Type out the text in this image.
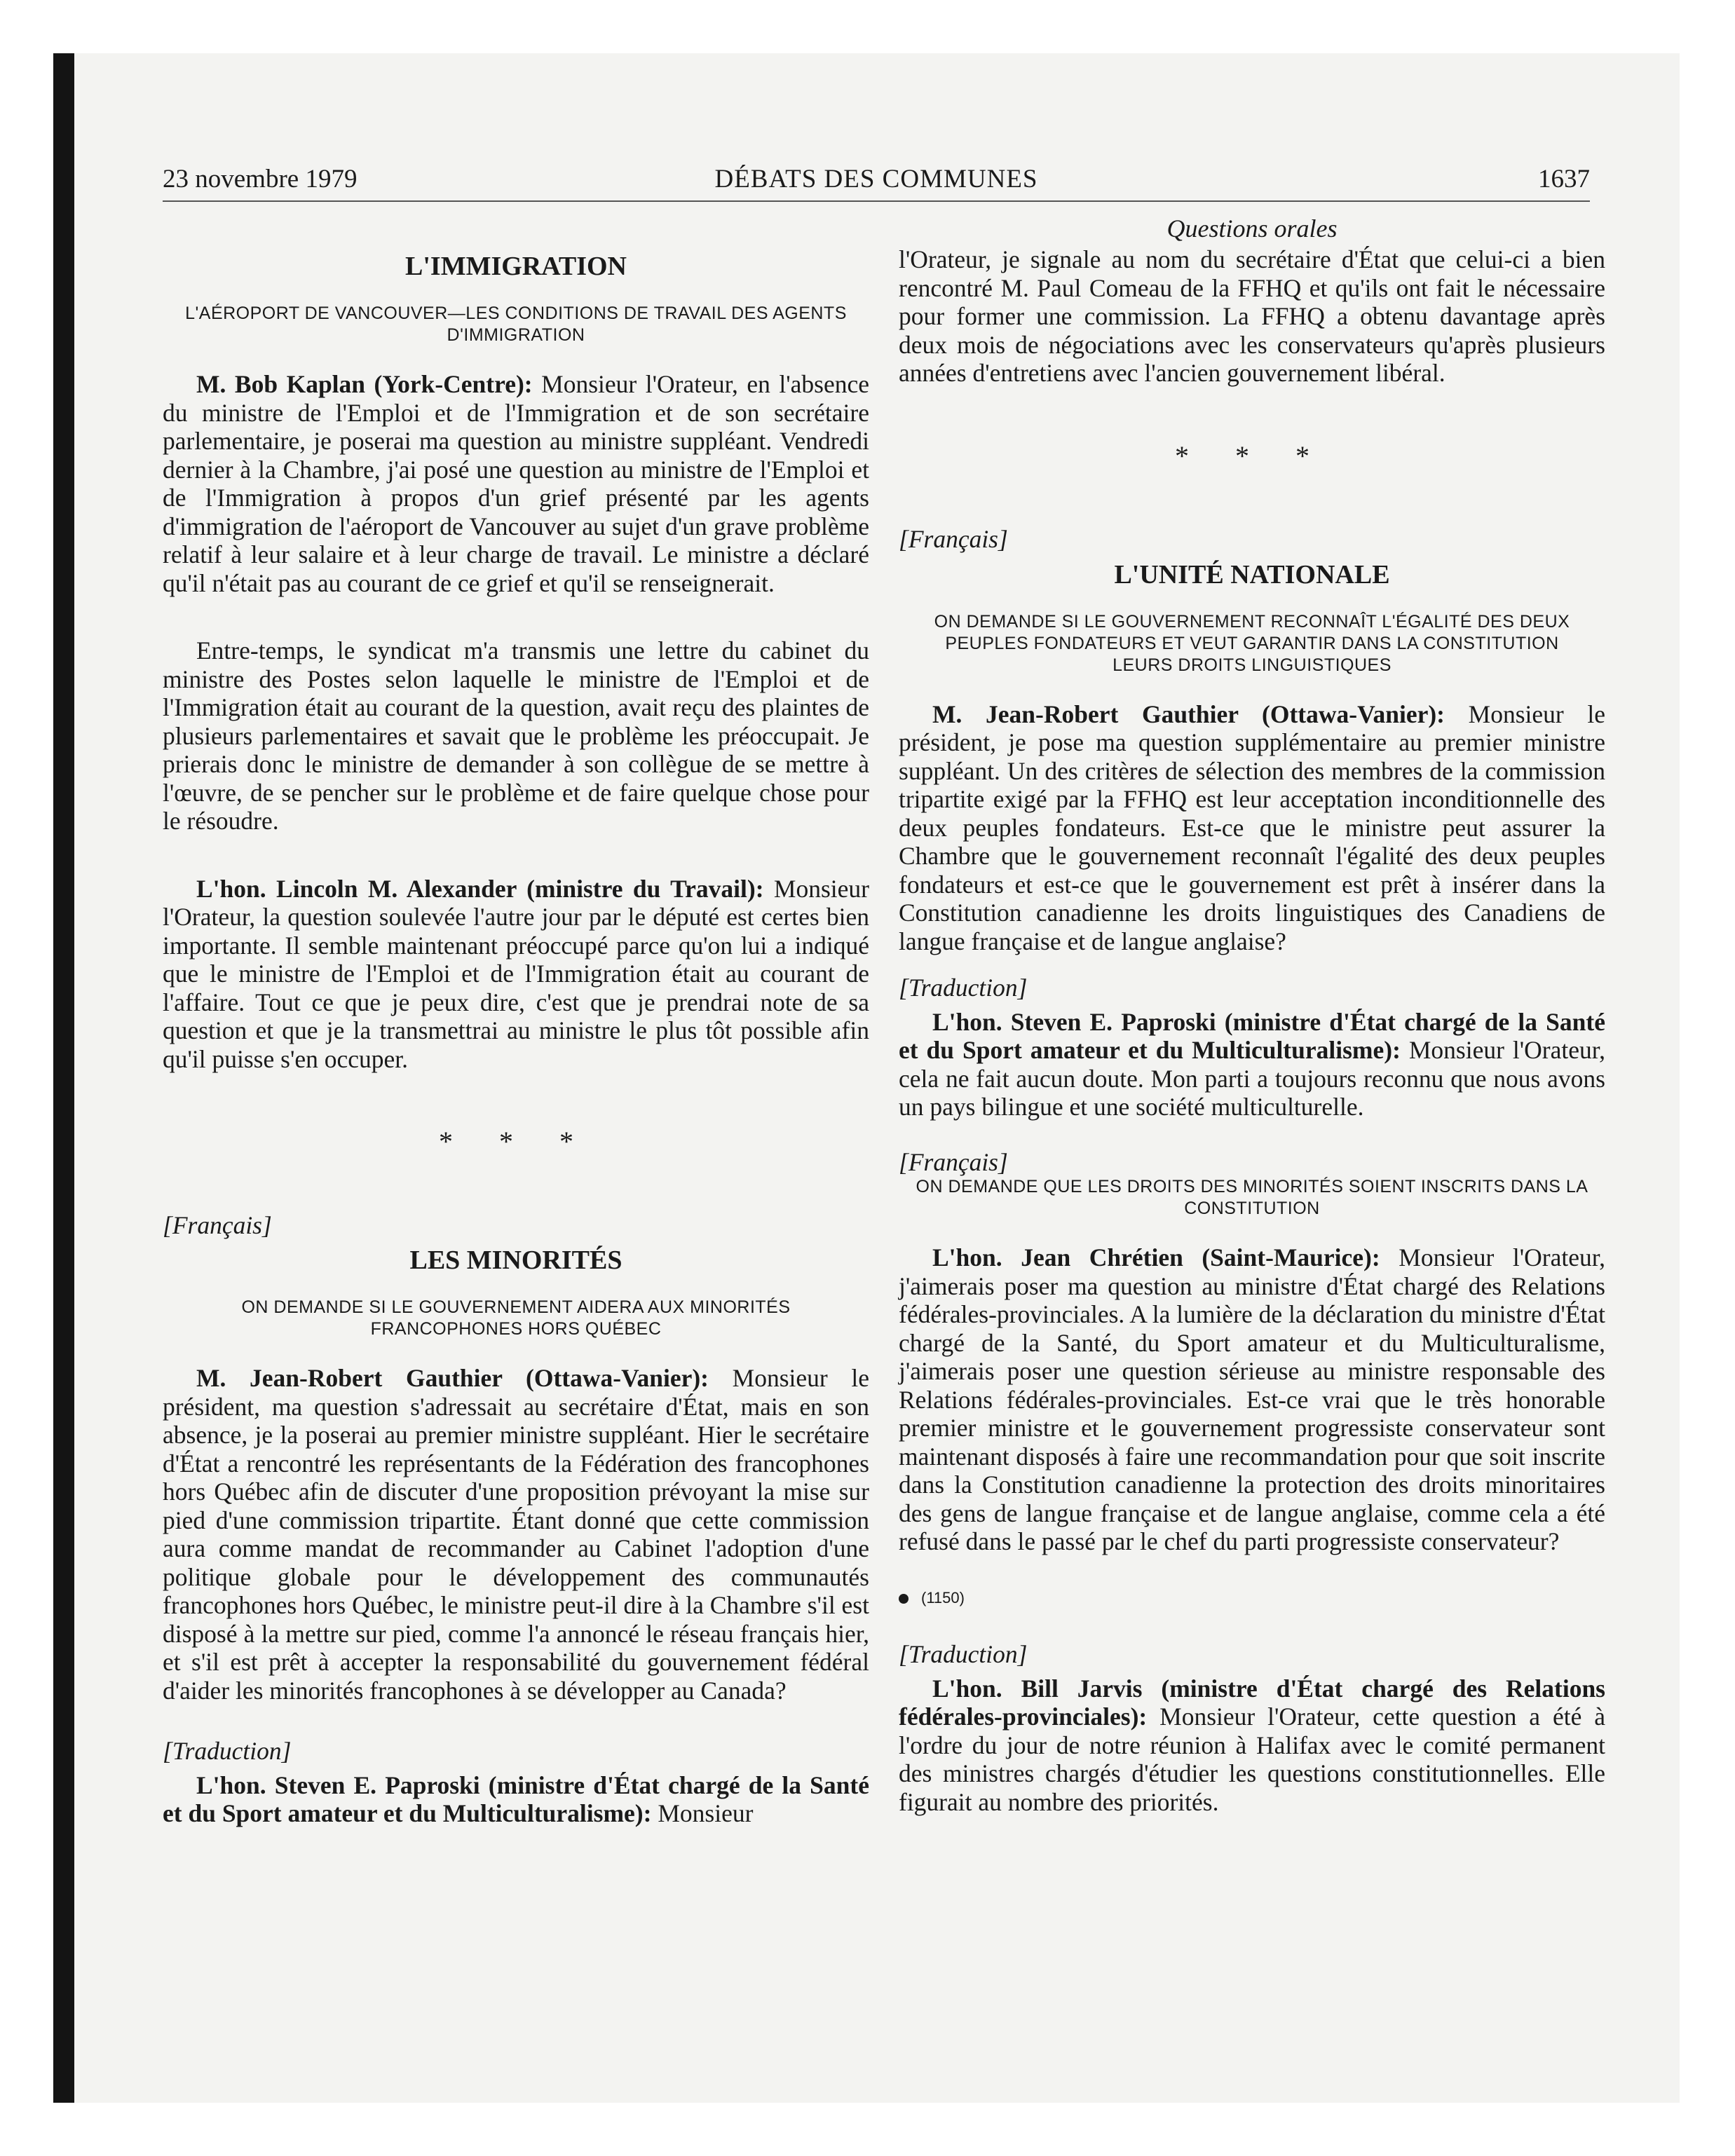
23 novembre 1979	DÉBATS DES COMMUNES	1637
L'IMMIGRATION
L'AÉROPORT DE VANCOUVER—LES CONDITIONS DE TRAVAIL DES AGENTS D'IMMIGRATION

M. Bob Kaplan (York-Centre): Monsieur l'Orateur, en l'absence du ministre de l'Emploi et de l'Immigration et de son secrétaire parlementaire, je poserai ma question au ministre suppléant. Vendredi dernier à la Chambre, j'ai posé une question au ministre de l'Emploi et de l'Immigration à propos d'un grief présenté par les agents d'immigration de l'aéroport de Vancouver au sujet d'un grave problème relatif à leur salaire et à leur charge de travail. Le ministre a déclaré qu'il n'était pas au courant de ce grief et qu'il se renseignerait.

Entre-temps, le syndicat m'a transmis une lettre du cabinet du ministre des Postes selon laquelle le ministre de l'Emploi et de l'Immigration était au courant de la question, avait reçu des plaintes de plusieurs parlementaires et savait que le problème les préoccupait. Je prierais donc le ministre de demander à son collègue de se mettre à l'œuvre, de se pencher sur le problème et de faire quelque chose pour le résoudre.

L'hon. Lincoln M. Alexander (ministre du Travail): Monsieur l'Orateur, la question soulevée l'autre jour par le député est certes bien importante. Il semble maintenant préoccupé parce qu'on lui a indiqué que le ministre de l'Emploi et de l'Immigration était au courant de l'affaire. Tout ce que je peux dire, c'est que je prendrai note de sa question et que je la transmettrai au ministre le plus tôt possible afin qu'il puisse s'en occuper.

* * *
[Français]
LES MINORITÉS
ON DEMANDE SI LE GOUVERNEMENT AIDERA AUX MINORITÉS FRANCOPHONES HORS QUÉBEC

M. Jean-Robert Gauthier (Ottawa-Vanier): Monsieur le président, ma question s'adressait au secrétaire d'État, mais en son absence, je la poserai au premier ministre suppléant. Hier le secrétaire d'État a rencontré les représentants de la Fédération des francophones hors Québec afin de discuter d'une proposition prévoyant la mise sur pied d'une commission tripartite. Étant donné que cette commission aura comme mandat de recommander au Cabinet l'adoption d'une politique globale pour le développement des communautés francophones hors Québec, le ministre peut-il dire à la Chambre s'il est disposé à la mettre sur pied, comme l'a annoncé le réseau français hier, et s'il est prêt à accepter la responsabilité du gouvernement fédéral d'aider les minorités francophones à se développer au Canada?

[Traduction]

L'hon. Steven E. Paproski (ministre d'État chargé de la Santé et du Sport amateur et du Multiculturalisme): Monsieur

Questions orales

l'Orateur, je signale au nom du secrétaire d'État que celui-ci a bien rencontré M. Paul Comeau de la FFHQ et qu'ils ont fait le nécessaire pour former une commission. La FFHQ a obtenu davantage après deux mois de négociations avec les conservateurs qu'après plusieurs années d'entretiens avec l'ancien gouvernement libéral.

* * *
[Français]
L'UNITÉ NATIONALE
ON DEMANDE SI LE GOUVERNEMENT RECONNAÎT L'ÉGALITÉ DES DEUX PEUPLES FONDATEURS ET VEUT GARANTIR DANS LA CONSTITUTION LEURS DROITS LINGUISTIQUES

M. Jean-Robert Gauthier (Ottawa-Vanier): Monsieur le président, je pose ma question supplémentaire au premier ministre suppléant. Un des critères de sélection des membres de la commission tripartite exigé par la FFHQ est leur acceptation inconditionnelle des deux peuples fondateurs. Est-ce que le ministre peut assurer la Chambre que le gouvernement reconnaît l'égalité des deux peuples fondateurs et est-ce que le gouvernement est prêt à insérer dans la Constitution canadienne les droits linguistiques des Canadiens de langue française et de langue anglaise?

[Traduction]

L'hon. Steven E. Paproski (ministre d'État chargé de la Santé et du Sport amateur et du Multiculturalisme): Monsieur l'Orateur, cela ne fait aucun doute. Mon parti a toujours reconnu que nous avons un pays bilingue et une société multiculturelle.

[Français]
ON DEMANDE QUE LES DROITS DES MINORITÉS SOIENT INSCRITS DANS LA CONSTITUTION

L'hon. Jean Chrétien (Saint-Maurice): Monsieur l'Orateur, j'aimerais poser ma question au ministre d'État chargé des Relations fédérales-provinciales. A la lumière de la déclaration du ministre d'État chargé de la Santé, du Sport amateur et du Multiculturalisme, j'aimerais poser une question sérieuse au ministre responsable des Relations fédérales-provinciales. Est-ce vrai que le très honorable premier ministre et le gouvernement progressiste conservateur sont maintenant disposés à faire une recommandation pour que soit inscrite dans la Constitution canadienne la protection des droits minoritaires des gens de langue française et de langue anglaise, comme cela a été refusé dans le passé par le chef du parti progressiste conservateur?

(1150)
[Traduction]

L'hon. Bill Jarvis (ministre d'État chargé des Relations fédérales-provinciales): Monsieur l'Orateur, cette question a été à l'ordre du jour de notre réunion à Halifax avec le comité permanent des ministres chargés d'étudier les questions constitutionnelles. Elle figurait au nombre des priorités.
